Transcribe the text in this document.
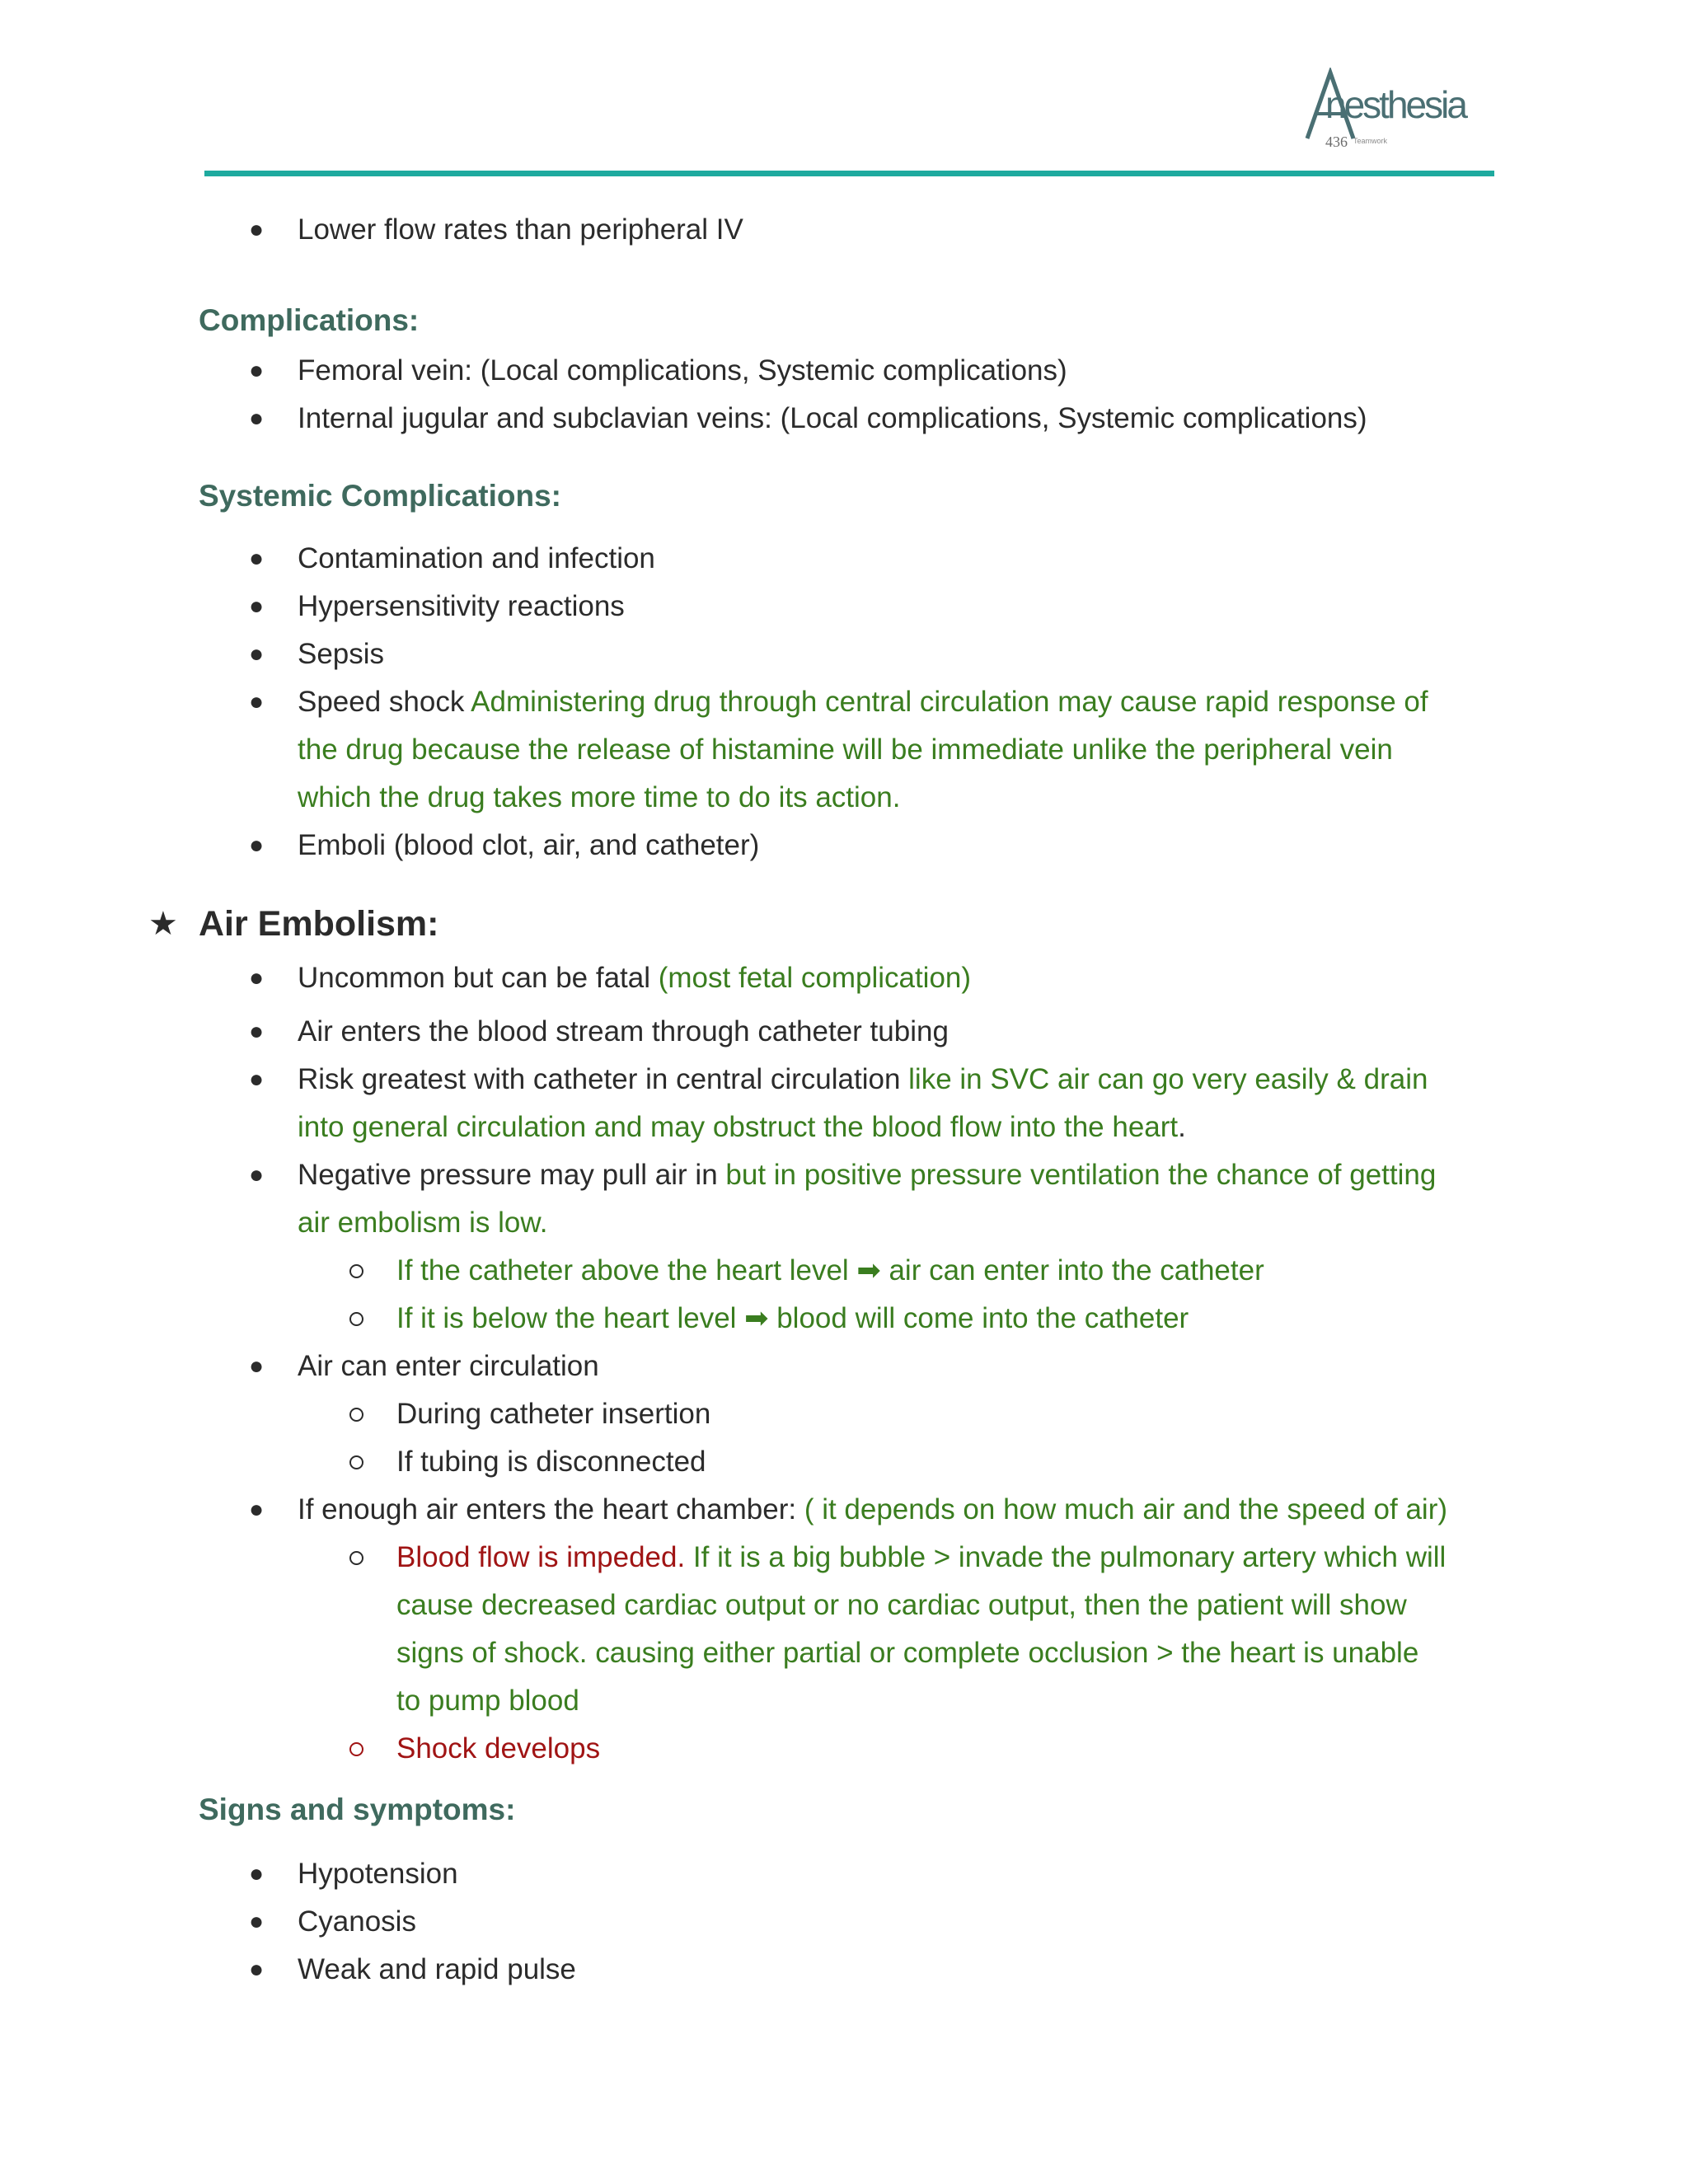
nesthesia
436 Teamwork
● Lower flow rates than peripheral IV
Complications:
● Femoral vein: (Local complications, Systemic complications)
● Internal jugular and subclavian veins: (Local complications, Systemic complications)
Systemic Complications:
● Contamination and infection
● Hypersensitivity reactions
● Sepsis
● Speed shock Administering drug through central circulation may cause rapid response of
the drug because the release of histamine will be immediate unlike the peripheral vein
which the drug takes more time to do its action.
● Emboli (blood clot, air, and catheter)
★ Air Embolism:
● Uncommon but can be fatal (most fetal complication)
● Air enters the blood stream through catheter tubing
● Risk greatest with catheter in central circulation like in SVC air can go very easily & drain
into general circulation and may obstruct the blood flow into the heart.
● Negative pressure may pull air in but in positive pressure ventilation the chance of getting
air embolism is low.
If the catheter above the heart level ➡ air can enter into the catheter
If it is below the heart level ➡ blood will come into the catheter
● Air can enter circulation
During catheter insertion
If tubing is disconnected
● If enough air enters the heart chamber: ( it depends on how much air and the speed of air)
Blood flow is impeded. If it is a big bubble > invade the pulmonary artery which will
cause decreased cardiac output or no cardiac output, then the patient will show
signs of shock. causing either partial or complete occlusion > the heart is unable
to pump blood
Shock develops
Signs and symptoms:
● Hypotension
● Cyanosis
● Weak and rapid pulse
